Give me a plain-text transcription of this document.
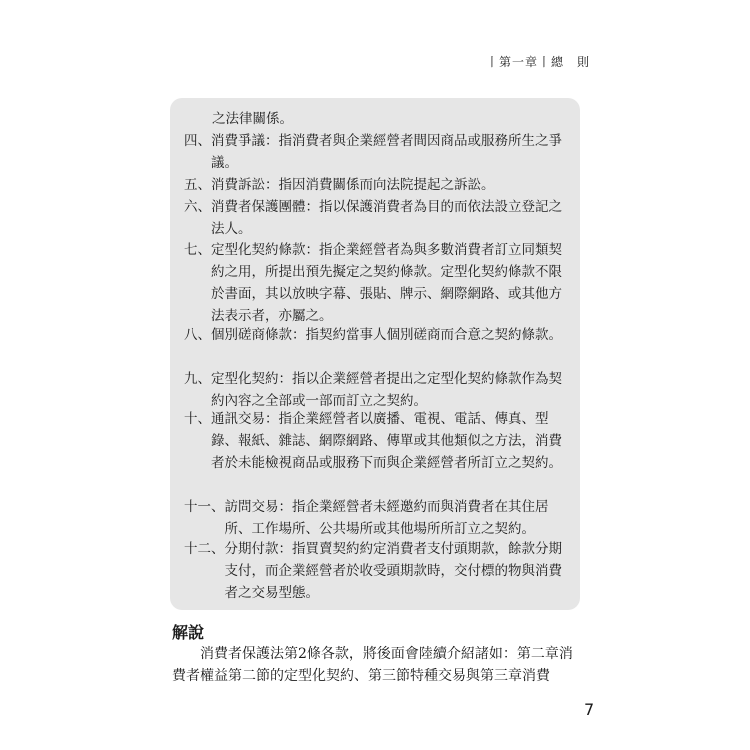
丨第一章丨總　則
之法律關係。
四、 消費爭議：指消費者與企業經營者間因商品或服務所生之爭議。
五、 消費訴訟：指因消費關係而向法院提起之訴訟。
六、 消費者保護團體：指以保護消費者為目的而依法設立登記之法人。
七、 定型化契約條款：指企業經營者為與多數消費者訂立同類契約之用，所提出預先擬定之契約條款。定型化契約條款不限於書面，其以放映字幕、張貼、牌示、網際網路、或其他方法表示者，亦屬之。
八、 個別磋商條款：指契約當事人個別磋商而合意之契約條款。
九、 定型化契約：指以企業經營者提出之定型化契約條款作為契約內容之全部或一部而訂立之契約。
十、 通訊交易：指企業經營者以廣播、電視、電話、傳真、型錄、報紙、雜誌、網際網路、傳單或其他類似之方法，消費者於未能檢視商品或服務下而與企業經營者所訂立之契約。
十一、 訪問交易：指企業經營者未經邀約而與消費者在其住居所、工作場所、公共場所或其他場所所訂立之契約。
十二、 分期付款：指買賣契約約定消費者支付頭期款，餘款分期支付，而企業經營者於收受頭期款時，交付標的物與消費者之交易型態。
解說
消費者保護法第2條各款，將後面會陸續介紹諸如：第二章消費者權益第二節的定型化契約、第三節特種交易與第三章消費
7
